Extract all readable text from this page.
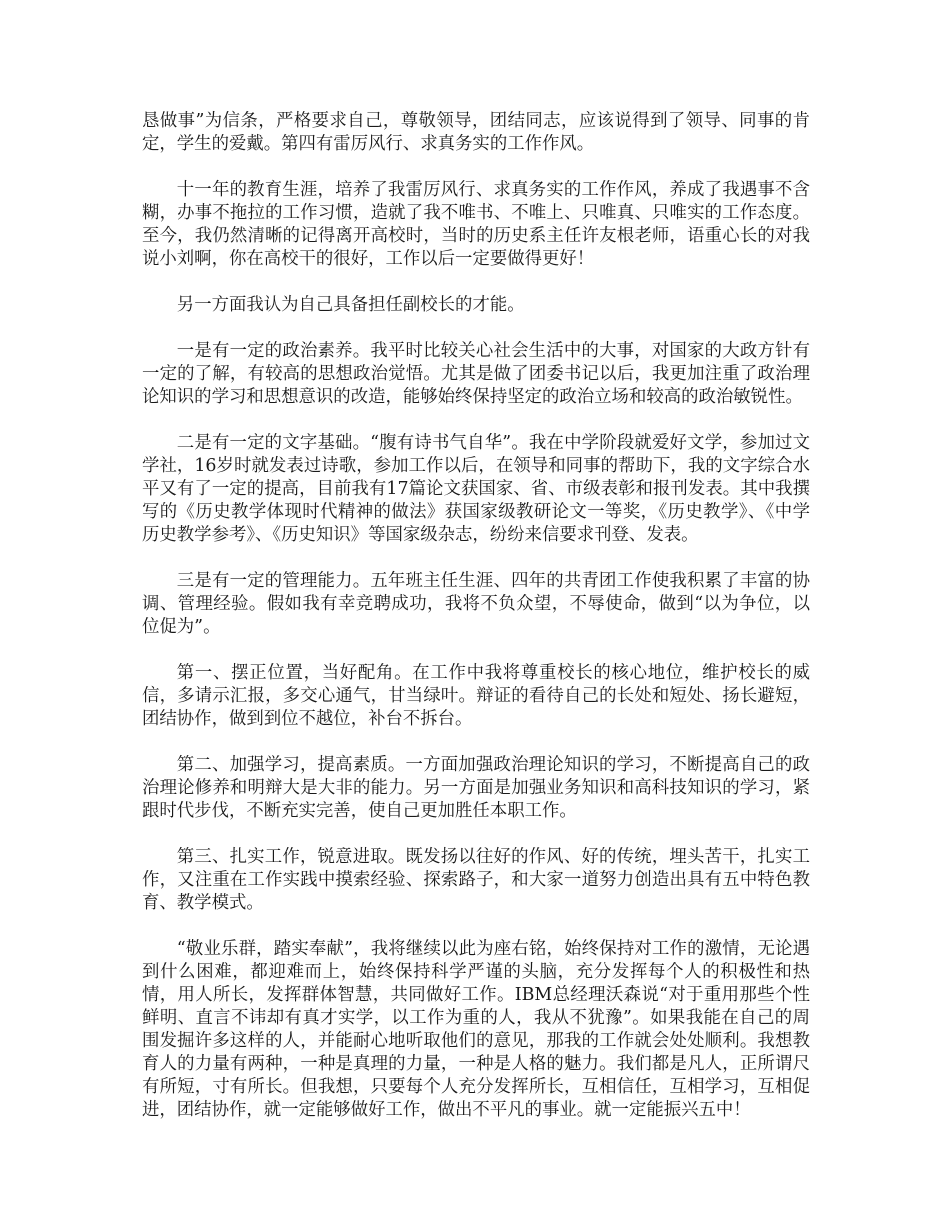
恳做事”为信条，严格要求自己，尊敬领导，团结同志，应该说得到了领导、同事的肯定，学生的爱戴。第四有雷厉风行、求真务实的工作作风。

十一年的教育生涯，培养了我雷厉风行、求真务实的工作作风，养成了我遇事不含糊，办事不拖拉的工作习惯，造就了我不唯书、不唯上、只唯真、只唯实的工作态度。至今，我仍然清晰的记得离开高校时，当时的历史系主任许友根老师，语重心长的对我说小刘啊，你在高校干的很好，工作以后一定要做得更好！

另一方面我认为自己具备担任副校长的才能。

一是有一定的政治素养。我平时比较关心社会生活中的大事，对国家的大政方针有一定的了解，有较高的思想政治觉悟。尤其是做了团委书记以后，我更加注重了政治理论知识的学习和思想意识的改造，能够始终保持坚定的政治立场和较高的政治敏锐性。

二是有一定的文字基础。“腹有诗书气自华”。我在中学阶段就爱好文学，参加过文学社，16岁时就发表过诗歌，参加工作以后，在领导和同事的帮助下，我的文字综合水平又有了一定的提高，目前我有17篇论文获国家、省、市级表彰和报刊发表。其中我撰写的《历史教学体现时代精神的做法》获国家级教研论文一等奖，《历史教学》、《中学历史教学参考》、《历史知识》等国家级杂志，纷纷来信要求刊登、发表。

三是有一定的管理能力。五年班主任生涯、四年的共青团工作使我积累了丰富的协调、管理经验。假如我有幸竞聘成功，我将不负众望，不辱使命，做到“以为争位，以位促为”。

第一、摆正位置，当好配角。在工作中我将尊重校长的核心地位，维护校长的威信，多请示汇报，多交心通气，甘当绿叶。辩证的看待自己的长处和短处、扬长避短，团结协作，做到到位不越位，补台不拆台。

第二、加强学习，提高素质。一方面加强政治理论知识的学习，不断提高自己的政治理论修养和明辩大是大非的能力。另一方面是加强业务知识和高科技知识的学习，紧跟时代步伐，不断充实完善，使自己更加胜任本职工作。

第三、扎实工作，锐意进取。既发扬以往好的作风、好的传统，埋头苦干，扎实工作，又注重在工作实践中摸索经验、探索路子，和大家一道努力创造出具有五中特色教育、教学模式。

“敬业乐群，踏实奉献”，我将继续以此为座右铭，始终保持对工作的激情，无论遇到什么困难，都迎难而上，始终保持科学严谨的头脑，充分发挥每个人的积极性和热情，用人所长，发挥群体智慧，共同做好工作。IBM总经理沃森说“对于重用那些个性鲜明、直言不讳却有真才实学，以工作为重的人，我从不犹豫”。如果我能在自己的周围发掘许多这样的人，并能耐心地听取他们的意见，那我的工作就会处处顺利。我想教育人的力量有两种，一种是真理的力量，一种是人格的魅力。我们都是凡人，正所谓尺有所短，寸有所长。但我想，只要每个人充分发挥所长，互相信任，互相学习，互相促进，团结协作，就一定能够做好工作，做出不平凡的事业。就一定能振兴五中！
